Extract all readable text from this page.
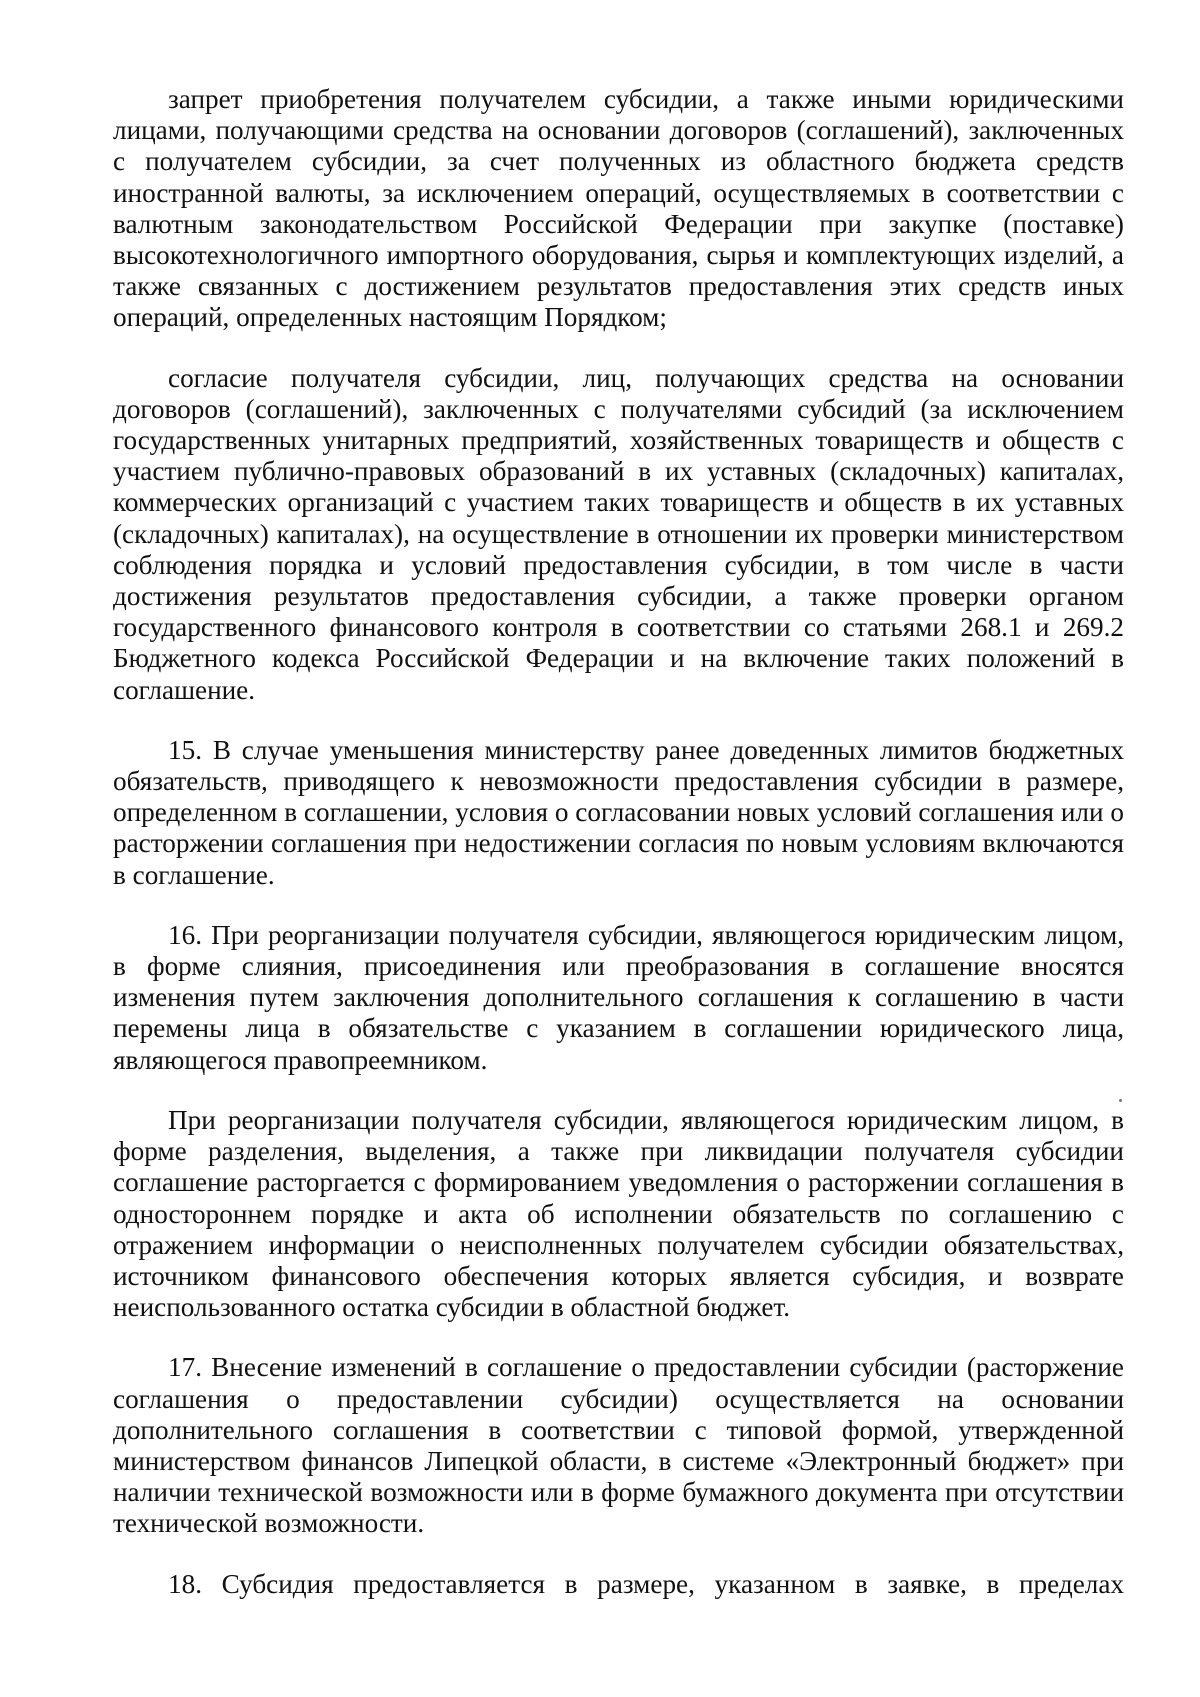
запрет приобретения получателем субсидии, а также иными юридическими лицами, получающими средства на основании договоров (соглашений), заключенных с получателем субсидии, за счет полученных из областного бюджета средств иностранной валюты, за исключением операций, осуществляемых в соответствии с валютным законодательством Российской Федерации при закупке (поставке) высокотехнологичного импортного оборудования, сырья и комплектующих изделий, а также связанных с достижением результатов предоставления этих средств иных операций, определенных настоящим Порядком;

согласие получателя субсидии, лиц, получающих средства на основании договоров (соглашений), заключенных с получателями субсидий (за исключением государственных унитарных предприятий, хозяйственных товариществ и обществ с участием публично-правовых образований в их уставных (складочных) капиталах, коммерческих организаций с участием таких товариществ и обществ в их уставных (складочных) капиталах), на осуществление в отношении их проверки министерством соблюдения порядка и условий предоставления субсидии, в том числе в части достижения результатов предоставления субсидии, а также проверки органом государственного финансового контроля в соответствии со статьями 268.1 и 269.2 Бюджетного кодекса Российской Федерации и на включение таких положений в соглашение.

15. В случае уменьшения министерству ранее доведенных лимитов бюджетных обязательств, приводящего к невозможности предоставления субсидии в размере, определенном в соглашении, условия о согласовании новых условий соглашения или о расторжении соглашения при недостижении согласия по новым условиям включаются в соглашение.

16. При реорганизации получателя субсидии, являющегося юридическим лицом, в форме слияния, присоединения или преобразования в соглашение вносятся изменения путем заключения дополнительного соглашения к соглашению в части перемены лица в обязательстве с указанием в соглашении юридического лица, являющегося правопреемником.

При реорганизации получателя субсидии, являющегося юридическим лицом, в форме разделения, выделения, а также при ликвидации получателя субсидии соглашение расторгается с формированием уведомления о расторжении соглашения в одностороннем порядке и акта об исполнении обязательств по соглашению с отражением информации о неисполненных получателем субсидии обязательствах, источником финансового обеспечения которых является субсидия, и возврате неиспользованного остатка субсидии в областной бюджет.

17. Внесение изменений в соглашение о предоставлении субсидии (расторжение соглашения о предоставлении субсидии) осуществляется на основании дополнительного соглашения в соответствии с типовой формой, утвержденной министерством финансов Липецкой области, в системе «Электронный бюджет» при наличии технической возможности или в форме бумажного документа при отсутствии технической возможности.

18. Субсидия предоставляется в размере, указанном в заявке, в пределах
